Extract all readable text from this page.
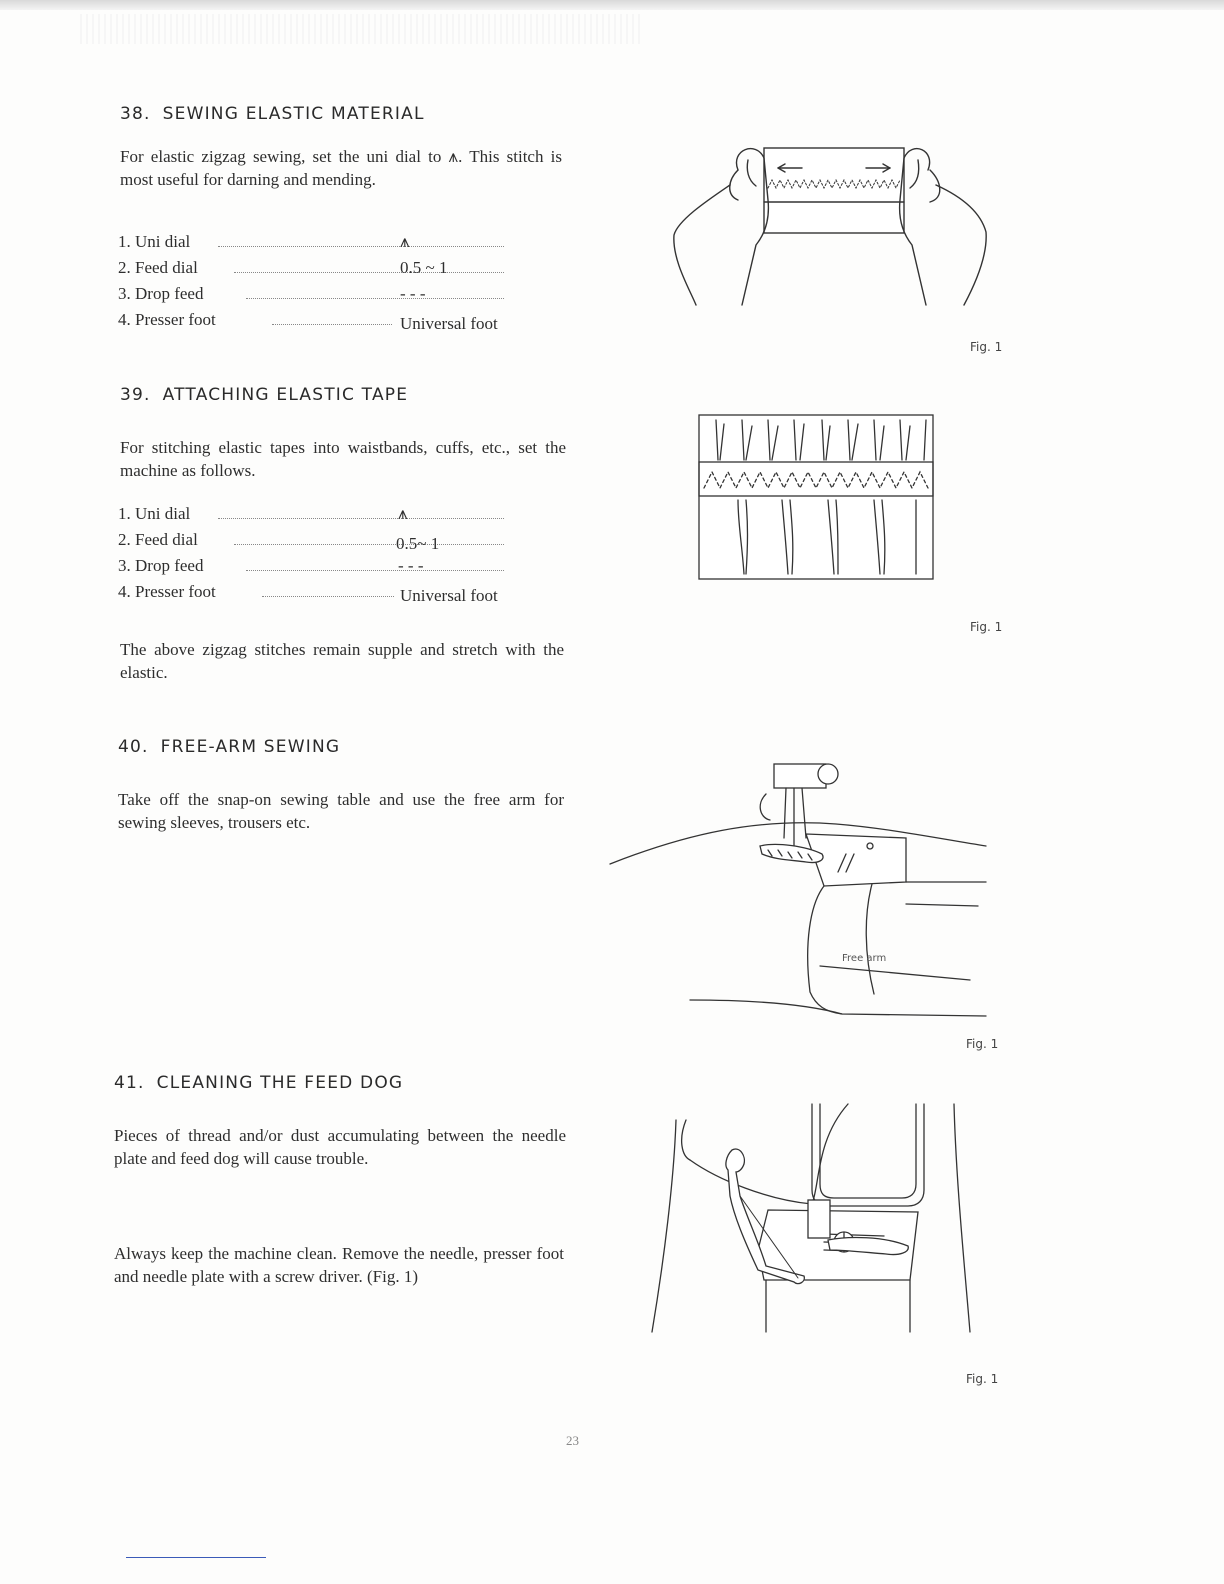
38. SEWING ELASTIC MATERIAL

For elastic zigzag sewing, set the uni dial to ⩚. This stitch is most useful for darning and mending.

1. Uni dial	⩚
2. Feed dial	0.5 ~ 1
3. Drop feed	- - -
4. Presser foot	Universal foot
Fig. 1
39. ATTACHING ELASTIC TAPE

For stitching elastic tapes into waistbands, cuffs, etc., set the machine as follows.

1. Uni dial	⩚
2. Feed dial	0.5~ 1
3. Drop feed	- - -
4. Presser foot	Universal foot

The above zigzag stitches remain supple and stretch with the elastic.

Fig. 1
40. FREE-ARM SEWING

Take off the snap-on sewing table and use the free arm for sewing sleeves, trousers etc.

Free arm
Fig. 1
41. CLEANING THE FEED DOG

Pieces of thread and/or dust accumulating between the needle plate and feed dog will cause trouble.

Always keep the machine clean. Remove the needle, presser foot and needle plate with a screw driver. (Fig. 1)

Fig. 1
23
